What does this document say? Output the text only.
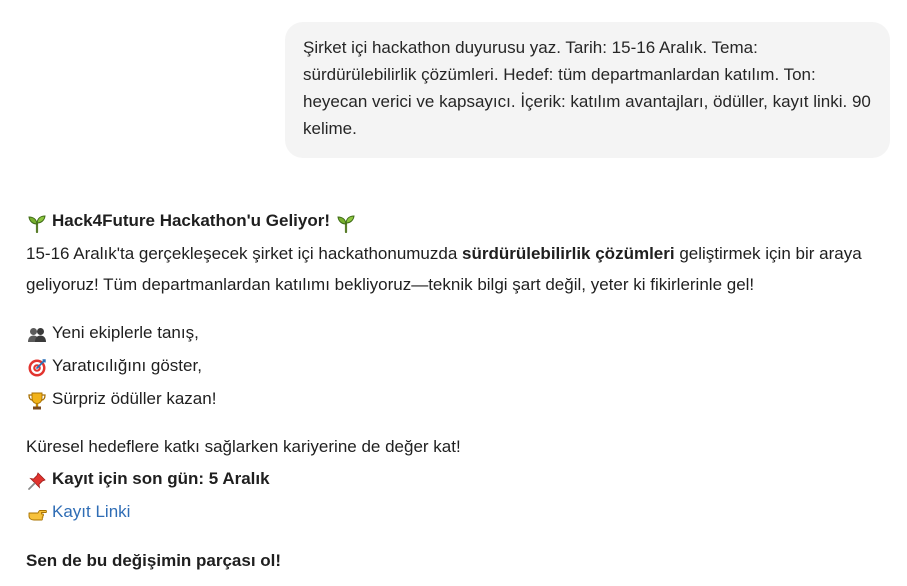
Şirket içi hackathon duyurusu yaz. Tarih: 15-16 Aralık. Tema: sürdürülebilirlik çözümleri. Hedef: tüm departmanlardan katılım. Ton: heyecan verici ve kapsayıcı. İçerik: katılım avantajları, ödüller, kayıt linki. 90 kelime.

Hack4Future Hackathon'u Geliyor!

15-16 Aralık'ta gerçekleşecek şirket içi hackathonumuzda sürdürülebilirlik çözümleri geliştirmek için bir araya geliyoruz! Tüm departmanlardan katılımı bekliyoruz—teknik bilgi şart değil, yeter ki fikirlerinle gel!

Yeni ekiplerle tanış,

Yaratıcılığını göster,

Sürpriz ödüller kazan!

Küresel hedeflere katkı sağlarken kariyerine de değer kat!

Kayıt için son gün: 5 Aralık

Kayıt Linki

Sen de bu değişimin parçası ol!
